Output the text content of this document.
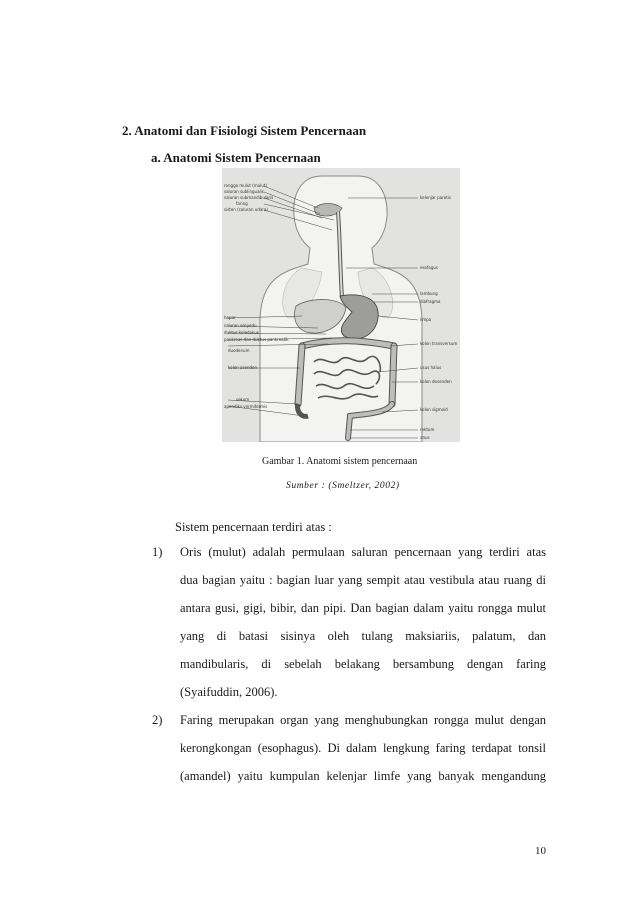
2. Anatomi dan Fisiologi Sistem Pencernaan
a. Anatomi Sistem Pencernaan
rongga mulut (mulut)
saluran sublingualis
saluran submandibularis
faring
sisten (saluran udara)
hepar
saluran empedu
duktus koledokus
pankreas dan duktus pankreatik
duodenum
kolon asenden
sekum
apendiks vermiformis
kelenjar parotis
esofagus
lambung
diafragma
limpa
kolon transversum
usus halus
kolon desenden
kolon sigmoid
rektum
anus
Gambar 1. Anatomi sistem pencernaan
Sumber : (Smeltzer, 2002)
Sistem pencernaan terdiri atas :
1) Oris (mulut) adalah permulaan saluran pencernaan yang terdiri atas
dua bagian yaitu : bagian luar yang sempit atau vestibula atau ruang di
antara gusi, gigi, bibir, dan pipi. Dan bagian dalam yaitu rongga mulut
yang di batasi sisinya oleh tulang maksiariis, palatum, dan
mandibularis, di sebelah belakang bersambung dengan faring
(Syaifuddin, 2006).
2) Faring merupakan organ yang menghubungkan rongga mulut dengan
kerongkongan (esophagus). Di dalam lengkung faring terdapat tonsil
(amandel) yaitu kumpulan kelenjar limfe yang banyak mengandung
10
